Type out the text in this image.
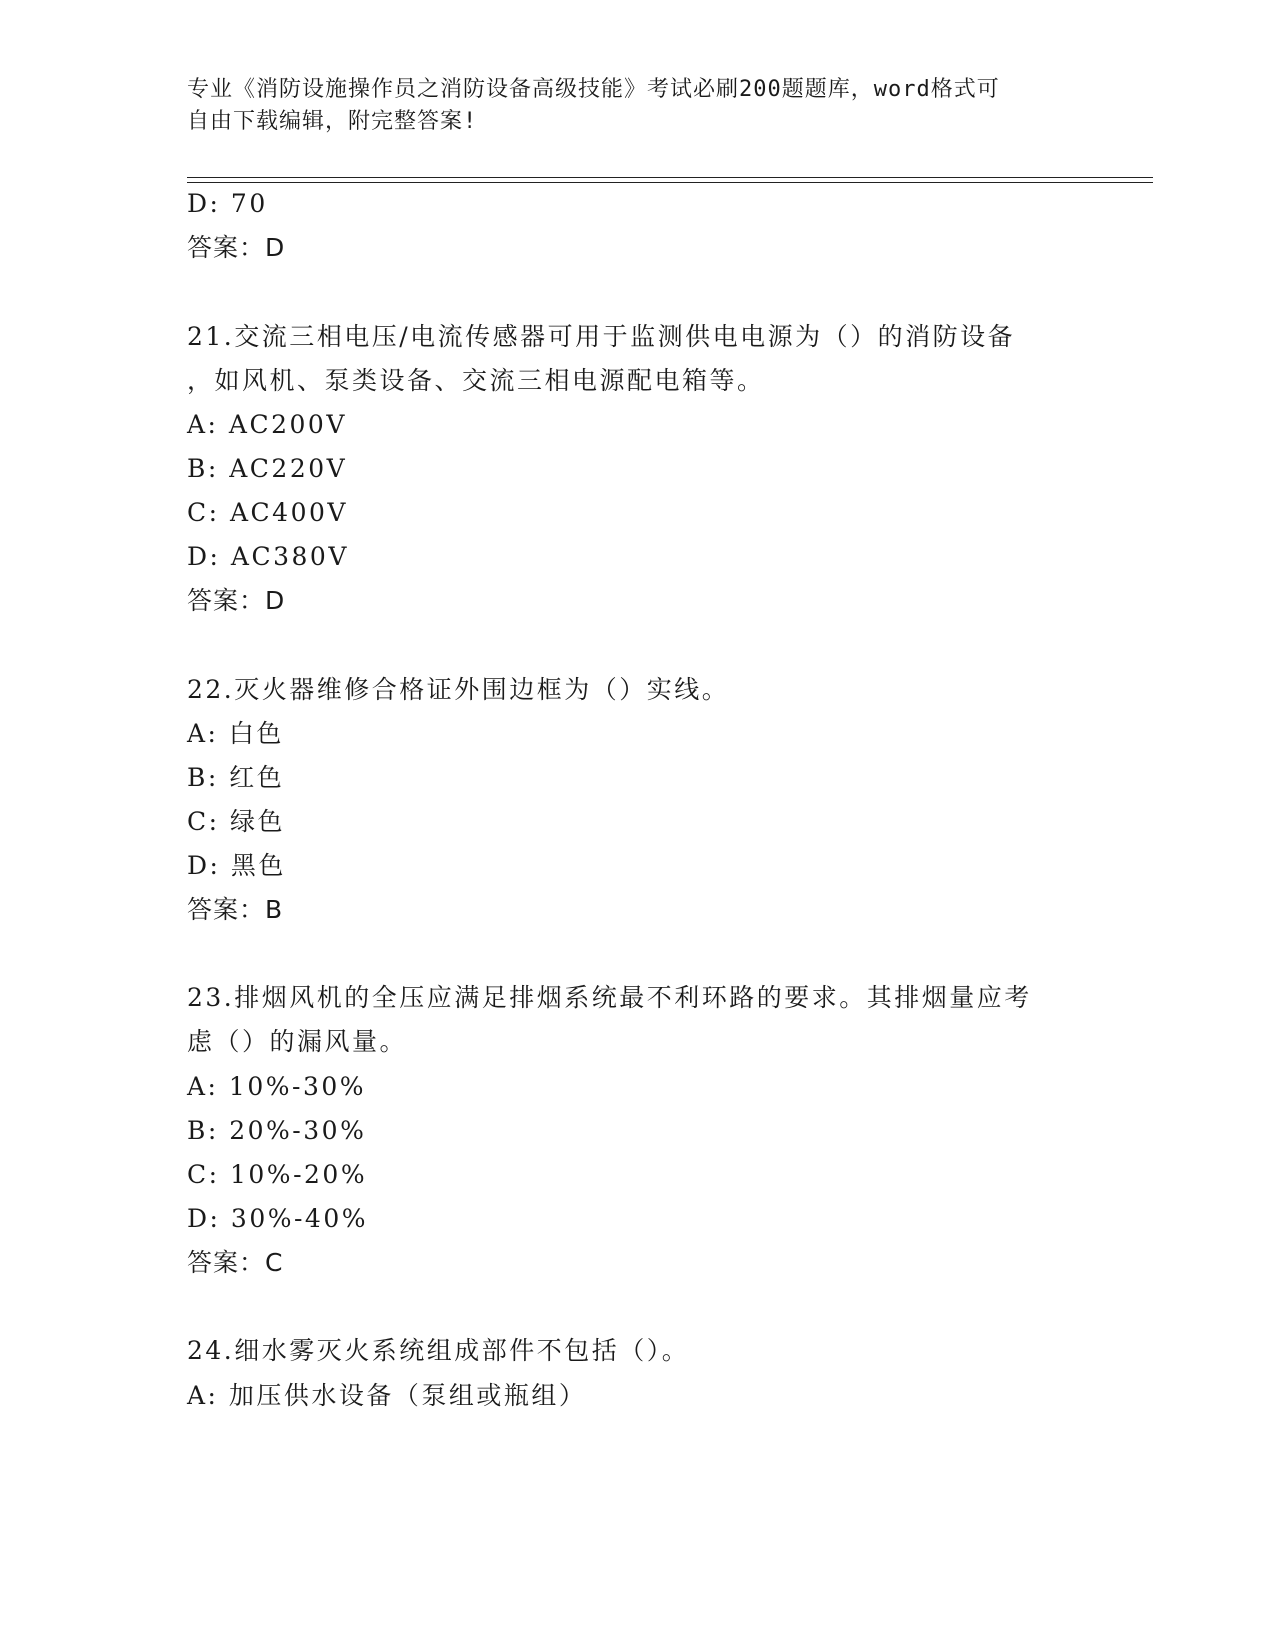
专业《消防设施操作员之消防设备高级技能》考试必刷200题题库，word格式可

自由下载编辑，附完整答案!

D: 70
答案：D
21.交流三相电压/电流传感器可用于监测供电电源为（）的消防设备
，如风机、泵类设备、交流三相电源配电箱等。
A: AC200V
B: AC220V
C: AC400V
D: AC380V
答案：D
22.灭火器维修合格证外围边框为（）实线。
A: 白色
B: 红色
C: 绿色
D: 黑色
答案：B
23.排烟风机的全压应满足排烟系统最不利环路的要求。其排烟量应考
虑（）的漏风量。
A: 10%-30%
B: 20%-30%
C: 10%-20%
D: 30%-40%
答案：C
24.细水雾灭火系统组成部件不包括（）。
A: 加压供水设备（泵组或瓶组）
